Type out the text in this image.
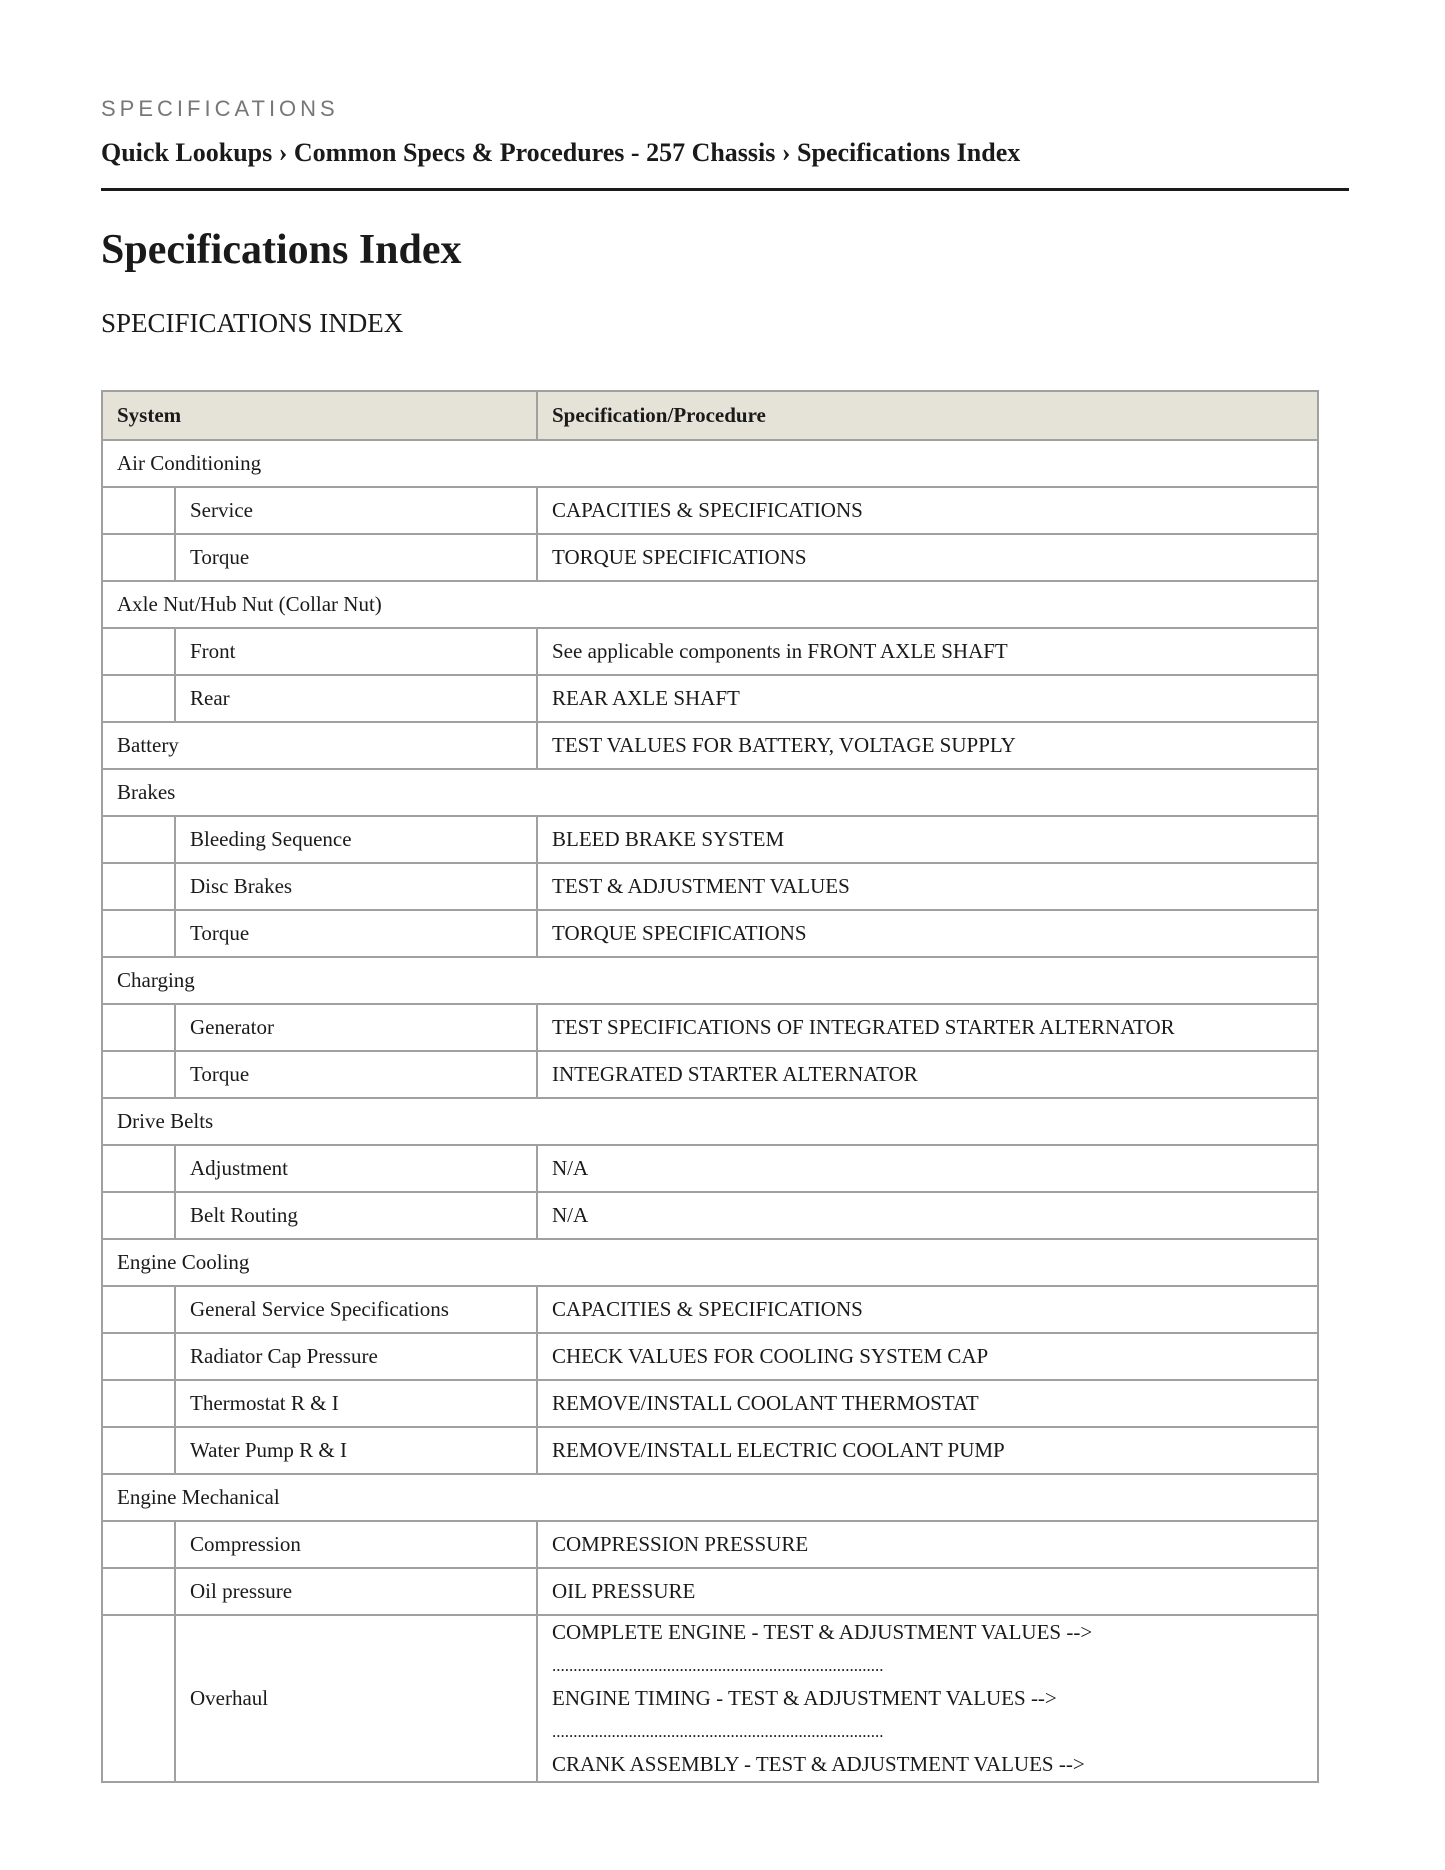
SPECIFICATIONS
Quick Lookups › Common Specs & Procedures - 257 Chassis › Specifications Index
Specifications Index
SPECIFICATIONS INDEX
System		Specification/Procedure
Air Conditioning		
	Service	CAPACITIES & SPECIFICATIONS
	Torque	TORQUE SPECIFICATIONS
Axle Nut/Hub Nut (Collar Nut)		
	Front	See applicable components in FRONT AXLE SHAFT
	Rear	REAR AXLE SHAFT
Battery		TEST VALUES FOR BATTERY, VOLTAGE SUPPLY
Brakes		
	Bleeding Sequence	BLEED BRAKE SYSTEM
	Disc Brakes	TEST & ADJUSTMENT VALUES
	Torque	TORQUE SPECIFICATIONS
Charging		
	Generator	TEST SPECIFICATIONS OF INTEGRATED STARTER ALTERNATOR
	Torque	INTEGRATED STARTER ALTERNATOR
Drive Belts		
	Adjustment	N/A
	Belt Routing	N/A
Engine Cooling		
	General Service Specifications	CAPACITIES & SPECIFICATIONS
	Radiator Cap Pressure	CHECK VALUES FOR COOLING SYSTEM CAP
	Thermostat R & I	REMOVE/INSTALL COOLANT THERMOSTAT
	Water Pump R & I	REMOVE/INSTALL ELECTRIC COOLANT PUMP
Engine Mechanical		
	Compression	COMPRESSION PRESSURE
	Oil pressure	OIL PRESSURE
	Overhaul	COMPLETE ENGINE - TEST & ADJUSTMENT VALUES -->
..............................................................................
ENGINE TIMING - TEST & ADJUSTMENT VALUES -->
..............................................................................
CRANK ASSEMBLY - TEST & ADJUSTMENT VALUES -->
